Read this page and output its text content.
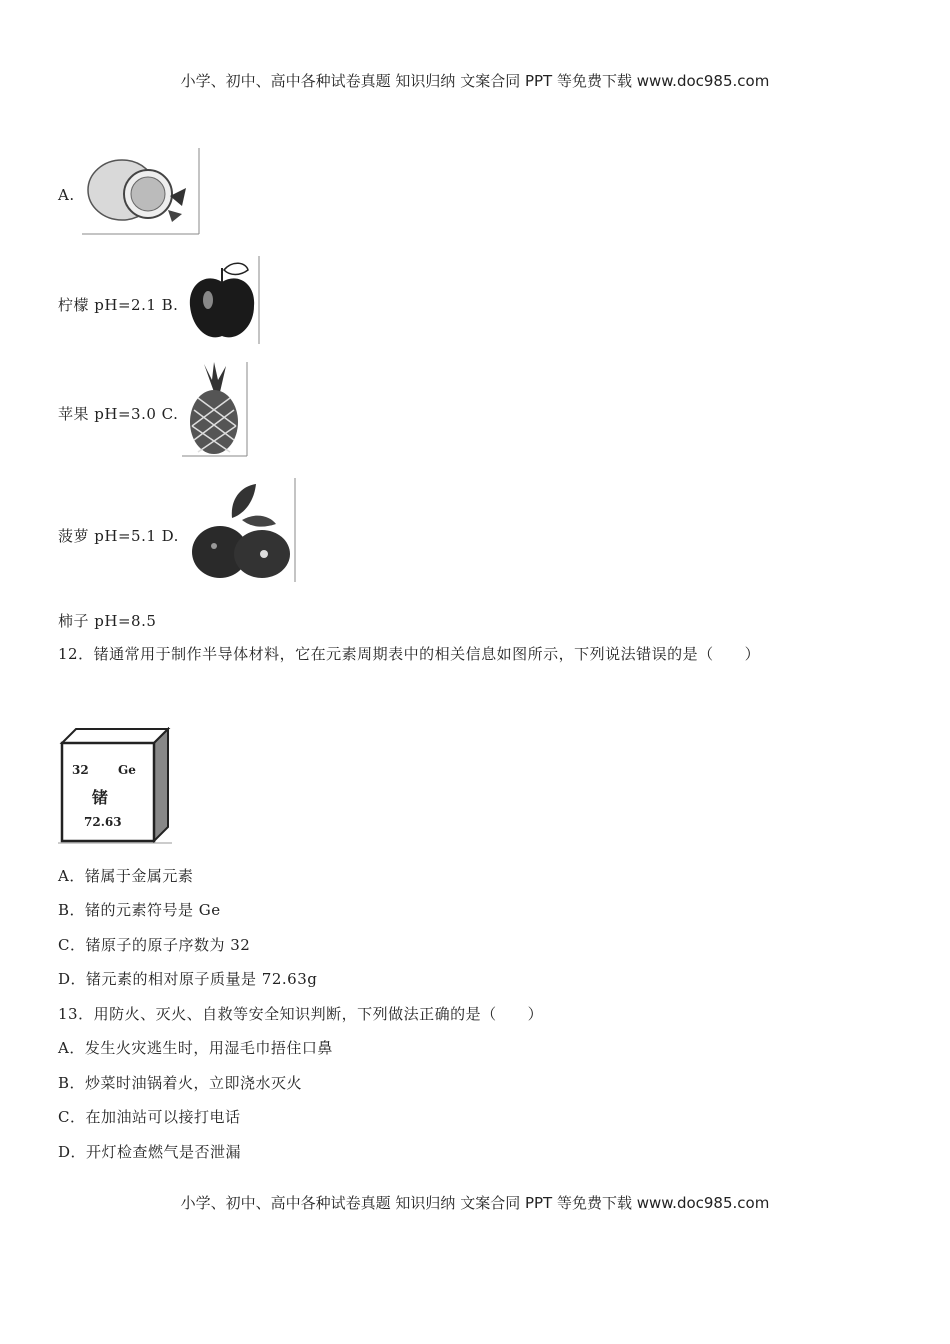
小学、初中、高中各种试卷真题 知识归纳 文案合同 PPT 等免费下载 www.doc985.com
A.
柠檬 pH=2.1 B.
苹果 pH=3.0 C.
菠萝 pH=5.1 D.
柿子 pH=8.5
12．锗通常用于制作半导体材料，它在元素周期表中的相关信息如图所示，下列说法错误的是（　　）
32 Ge
锗
72.63
A．锗属于金属元素
B．锗的元素符号是 Ge
C．锗原子的原子序数为 32
D．锗元素的相对原子质量是 72.63g
13．用防火、灭火、自救等安全知识判断，下列做法正确的是（　　）
A．发生火灾逃生时，用湿毛巾捂住口鼻
B．炒菜时油锅着火，立即浇水灭火
C．在加油站可以接打电话
D．开灯检查燃气是否泄漏
小学、初中、高中各种试卷真题 知识归纳 文案合同 PPT 等免费下载 www.doc985.com
